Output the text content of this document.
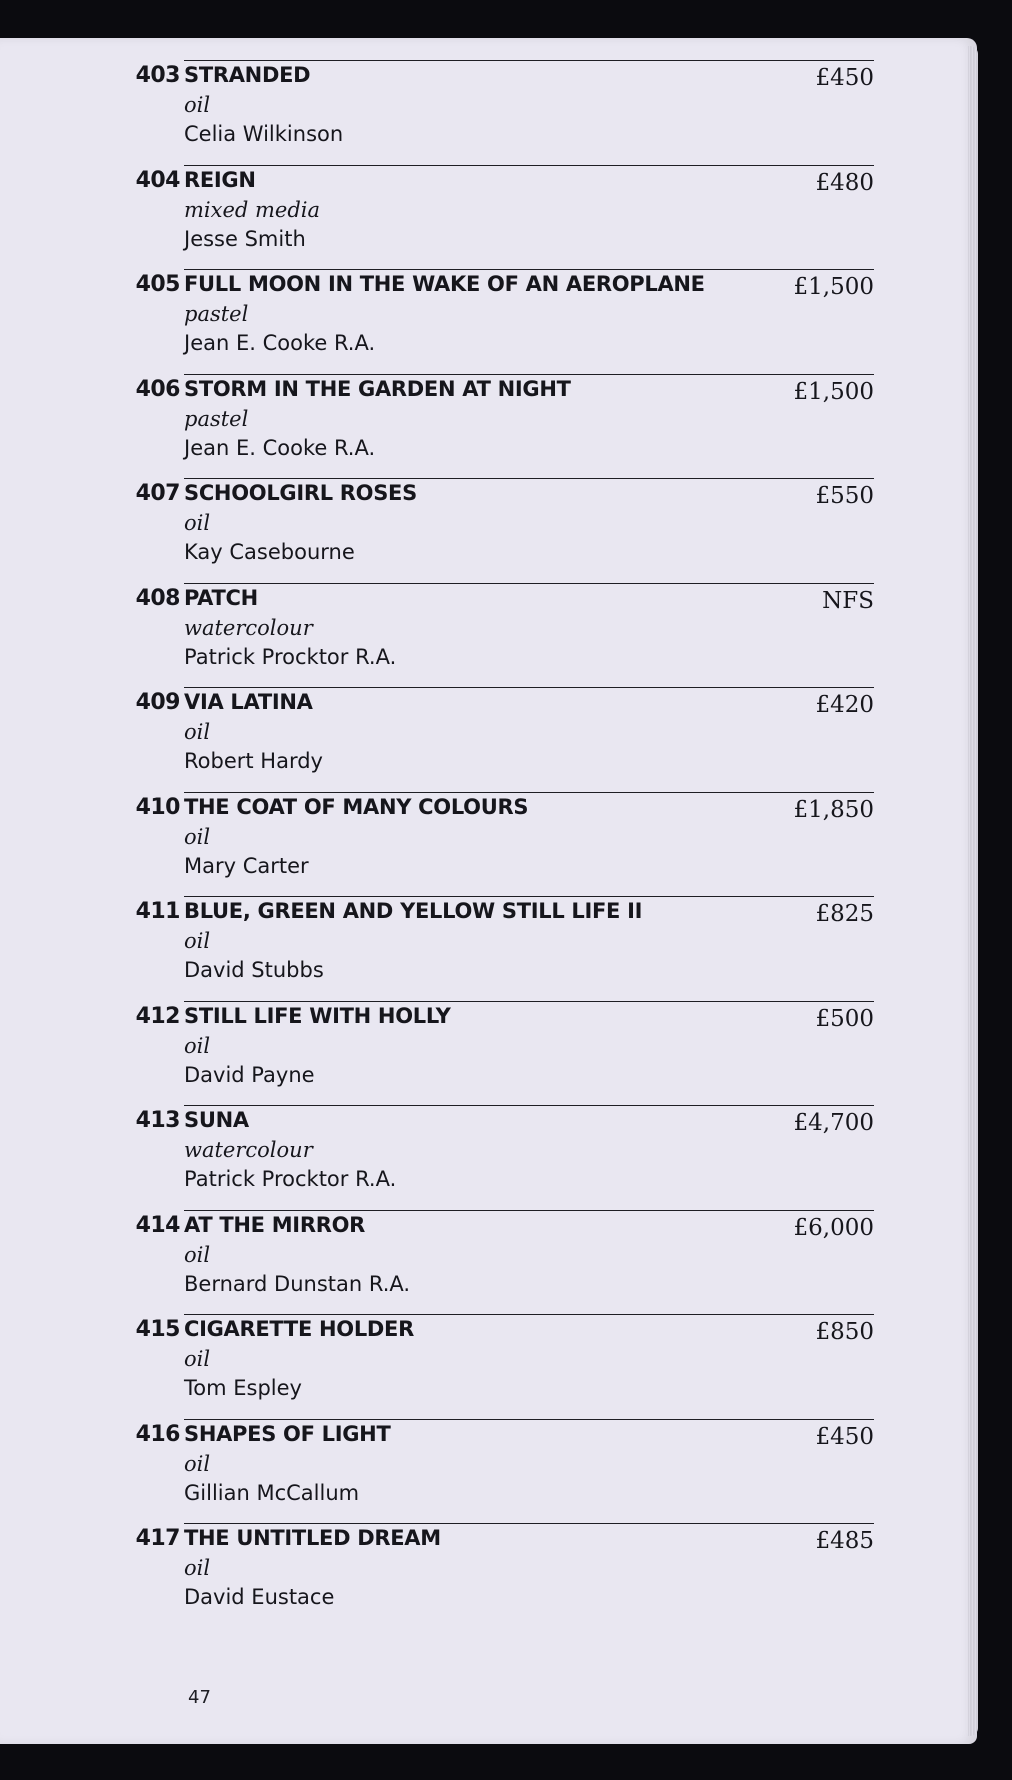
403 STRANDED
oil
Celia Wilkinson
£450
404 REIGN
mixed media
Jesse Smith
£480
405 FULL MOON IN THE WAKE OF AN AEROPLANE
pastel
Jean E. Cooke R.A.
£1,500
406 STORM IN THE GARDEN AT NIGHT
pastel
Jean E. Cooke R.A.
£1,500
407 SCHOOLGIRL ROSES
oil
Kay Casebourne
£550
408 PATCH
watercolour
Patrick Procktor R.A.
NFS
409 VIA LATINA
oil
Robert Hardy
£420
410 THE COAT OF MANY COLOURS
oil
Mary Carter
£1,850
411 BLUE, GREEN AND YELLOW STILL LIFE II
oil
David Stubbs
£825
412 STILL LIFE WITH HOLLY
oil
David Payne
£500
413 SUNA
watercolour
Patrick Procktor R.A.
£4,700
414 AT THE MIRROR
oil
Bernard Dunstan R.A.
£6,000
415 CIGARETTE HOLDER
oil
Tom Espley
£850
416 SHAPES OF LIGHT
oil
Gillian McCallum
£450
417 THE UNTITLED DREAM
oil
David Eustace
£485
47
